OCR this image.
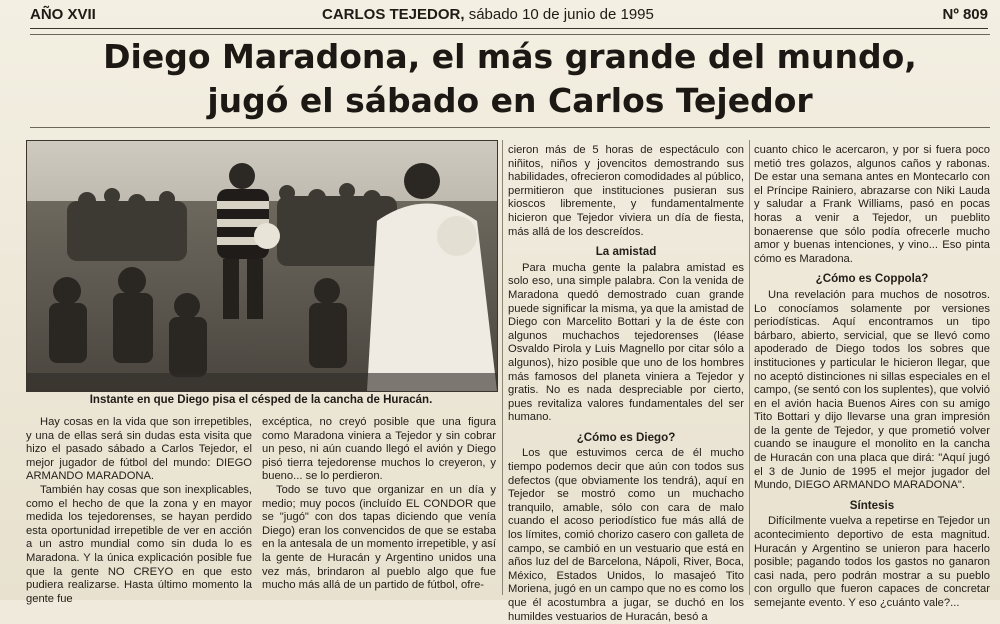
AÑO XVII	CARLOS TEJEDOR, sábado 10 de junio de 1995	Nº 809
Diego Maradona, el más grande del mundo,
jugó el sábado en Carlos Tejedor
Instante en que Diego pisa el césped de la cancha de Huracán.

Hay cosas en la vida que son irrepetibles, y una de ellas será sin dudas esta visita que hizo el pasado sábado a Carlos Tejedor, el mejor jugador de fútbol del mundo: DIEGO ARMANDO MARADONA.

También hay cosas que son inexplicables, como el hecho de que la zona y en mayor medida los tejedorenses, se hayan perdido esta oportunidad irrepetible de ver en acción a un astro mundial como sin duda lo es Maradona. Y la única explicación posible fue que la gente NO CREYO en que esto pudiera realizarse. Hasta último momento la gente fue

excéptica, no creyó posible que una figura como Maradona viniera a Tejedor y sin cobrar un peso, ni aún cuando llegó el avión y Diego pisó tierra tejedorense muchos lo creyeron, y bueno... se lo perdieron.

Todo se tuvo que organizar en un día y medio; muy pocos (incluído EL CONDOR que se "jugó" con dos tapas diciendo que venía Diego) eran los convencidos de que se estaba en la antesala de un momento irrepetible, y así la gente de Huracán y Argentino unidos una vez más, brindaron al pueblo algo que fue mucho más allá de un partido de fútbol, ofre-

cieron más de 5 horas de espectáculo con niñitos, niños y jovencitos demostrando sus habilidades, ofrecieron comodidades al público, permitieron que instituciones pusieran sus kioscos libremente, y fundamentalmente hicieron que Tejedor viviera un día de fiesta, más allá de los descreídos.

La amistad

Para mucha gente la palabra amistad es solo eso, una simple palabra. Con la venida de Maradona quedó demostrado cuan grande puede significar la misma, ya que la amistad de Diego con Marcelito Bottari y la de éste con algunos muchachos tejedorenses (léase Osvaldo Pirola y Luis Magnello por citar sólo a algunos), hizo posible que uno de los hombres más famosos del planeta viniera a Tejedor y gratis. No es nada despreciable por cierto, pues revitaliza valores fundamentales del ser humano.

¿Cómo es Diego?

Los que estuvimos cerca de él mucho tiempo podemos decir que aún con todos sus defectos (que obviamente los tendrá), aquí en Tejedor se mostró como un muchacho tranquilo, amable, sólo con cara de malo cuando el acoso periodístico fue más allá de los límites, comió chorizo casero con galleta de campo, se cambió en un vestuario que está en años luz del de Barcelona, Nápoli, River, Boca, México, Estados Unidos, lo masajeó Tito Moriena, jugó en un campo que no es como los que él acostumbra a jugar, se duchó en los humildes vestuarios de Huracán, besó a

cuanto chico le acercaron, y por si fuera poco metió tres golazos, algunos caños y rabonas. De estar una semana antes en Montecarlo con el Príncipe Rainiero, abrazarse con Niki Lauda y saludar a Frank Williams, pasó en pocas horas a venir a Tejedor, un pueblito bonaerense que sólo podía ofrecerle mucho amor y buenas intenciones, y vino... Eso pinta cómo es Maradona.

¿Cómo es Coppola?

Una revelación para muchos de nosotros. Lo conocíamos solamente por versiones periodísticas. Aquí encontramos un tipo bárbaro, abierto, servicial, que se llevó como apoderado de Diego todos los sobres que instituciones y particular le hicieron llegar, que no aceptó distinciones ni sillas especiales en el campo, (se sentó con los suplentes), que volvió en el avión hacia Buenos Aires con su amigo Tito Bottari y dijo llevarse una gran impresión de la gente de Tejedor, y que prometió volver cuando se inaugure el monolito en la cancha de Huracán con una placa que dirá: "Aquí jugó el 3 de Junio de 1995 el mejor jugador del Mundo, DIEGO ARMANDO MARADONA".

Síntesis

Difícilmente vuelva a repetirse en Tejedor un acontecimiento deportivo de esta magnitud. Huracán y Argentino se unieron para hacerlo posible; pagando todos los gastos no ganaron casi nada, pero podrán mostrar a su pueblo con orgullo que fueron capaces de concretar semejante evento. Y eso ¿cuánto vale?...
